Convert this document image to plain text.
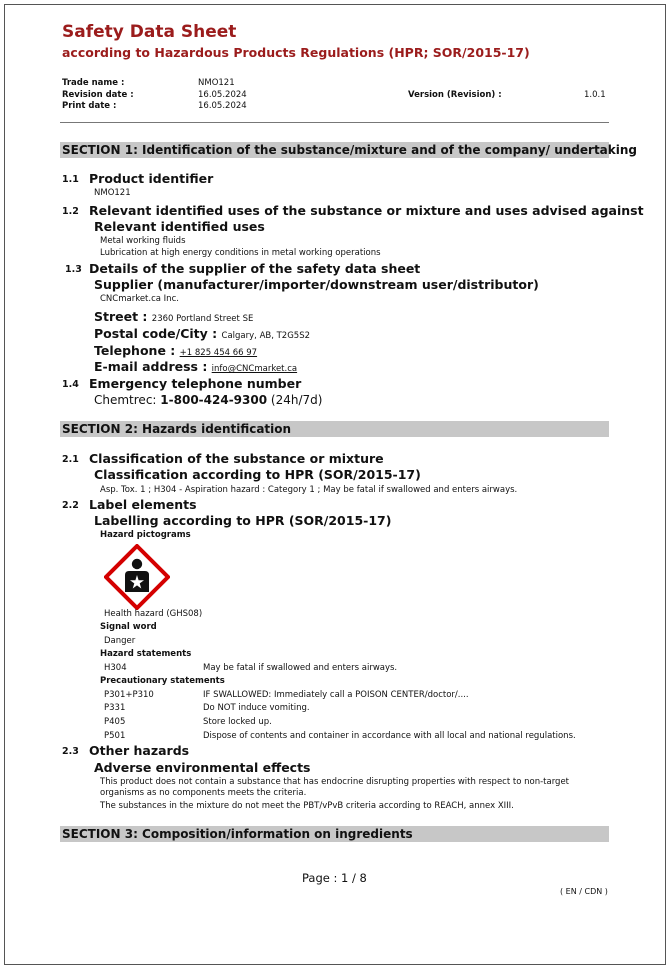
Safety Data Sheet
according to Hazardous Products Regulations (HPR; SOR/2015-17)
Trade name :	NMO121
Revision date :	16.05.2024	Version (Revision) :	1.0.1
Print date :	16.05.2024
SECTION 1: Identification of the substance/mixture and of the company/ undertaking
1.1 Product identifier
NMO121
1.2 Relevant identified uses of the substance or mixture and uses advised against
Relevant identified uses
Metal working fluids
Lubrication at high energy conditions in metal working operations
1.3 Details of the supplier of the safety data sheet
Supplier (manufacturer/importer/downstream user/distributor)
CNCmarket.ca Inc.
Street : 2360 Portland Street SE
Postal code/City : Calgary, AB, T2G5S2
Telephone : +1 825 454 66 97
E-mail address : info@CNCmarket.ca
1.4 Emergency telephone number
Chemtrec: 1-800-424-9300 (24h/7d)
SECTION 2: Hazards identification
2.1 Classification of the substance or mixture
Classification according to HPR (SOR/2015-17)
Asp. Tox. 1 ; H304 - Aspiration hazard : Category 1 ; May be fatal if swallowed and enters airways.
2.2 Label elements
Labelling according to HPR (SOR/2015-17)
Hazard pictograms
Health hazard (GHS08)
Signal word
Danger
Hazard statements
H304	May be fatal if swallowed and enters airways.
Precautionary statements
P301+P310	IF SWALLOWED: Immediately call a POISON CENTER/doctor/....
P331	Do NOT induce vomiting.
P405	Store locked up.
P501	Dispose of contents and container in accordance with all local and national regulations.
2.3 Other hazards
Adverse environmental effects
This product does not contain a substance that has endocrine disrupting properties with respect to non-target
organisms as no components meets the criteria.
The substances in the mixture do not meet the PBT/vPvB criteria according to REACH, annex XIII.
SECTION 3: Composition/information on ingredients
Page : 1 / 8
( EN / CDN )
